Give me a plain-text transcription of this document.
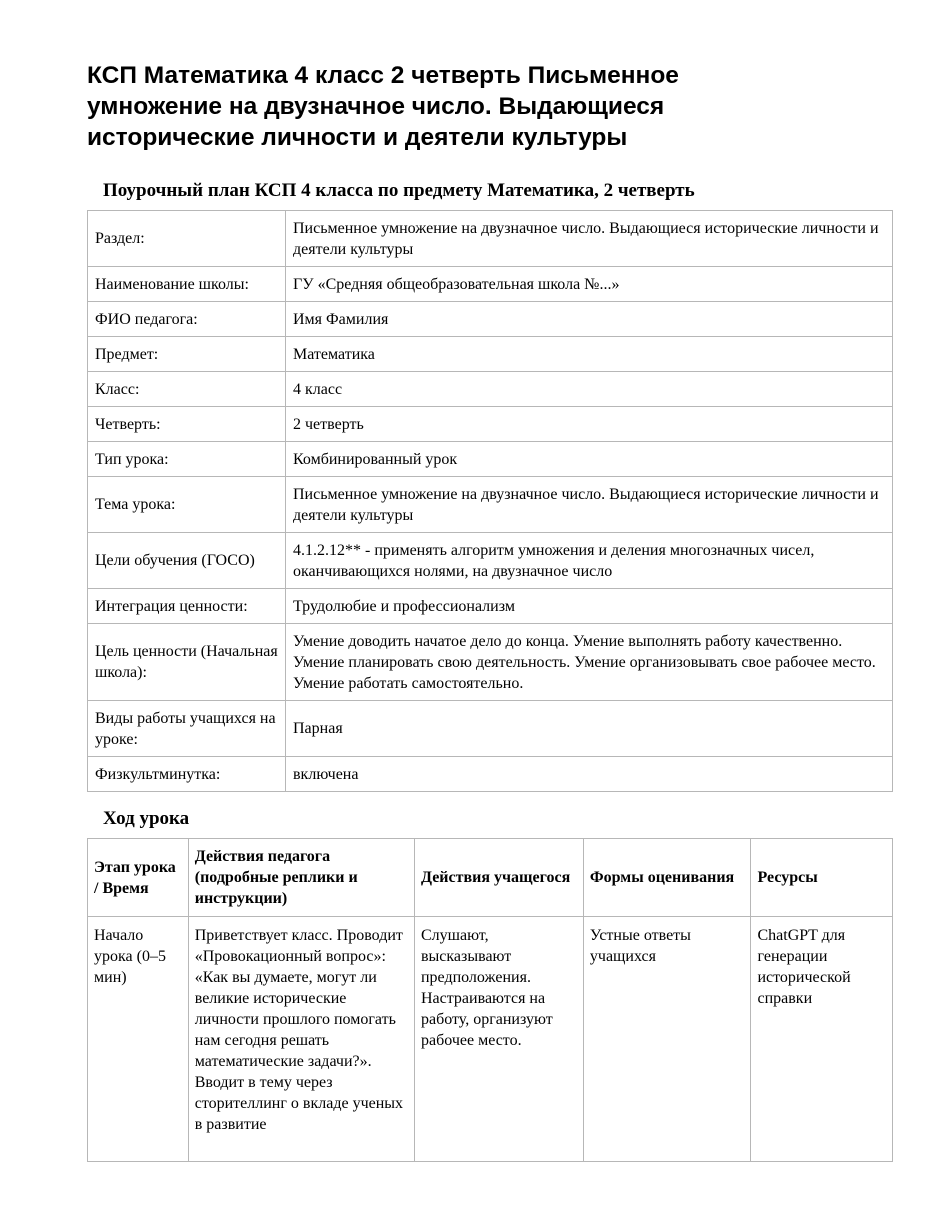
КСП Математика 4 класс 2 четверть Письменное умножение на двузначное число. Выдающиеся исторические личности и деятели культуры
Поурочный план КСП 4 класса по предмету Математика, 2 четверть
Раздел:	Письменное умножение на двузначное число. Выдающиеся исторические личности и деятели культуры
Наименование школы:	ГУ «Средняя общеобразовательная школа №...»
ФИО педагога:	Имя Фамилия
Предмет:	Математика
Класс:	4 класс
Четверть:	2 четверть
Тип урока:	Комбинированный урок
Тема урока:	Письменное умножение на двузначное число. Выдающиеся исторические личности и деятели культуры
Цели обучения (ГОСО)	4.1.2.12** - применять алгоритм умножения и деления многозначных чисел, оканчивающихся нолями, на двузначное число
Интеграция ценности:	Трудолюбие и профессионализм
Цель ценности (Начальная школа):	Умение доводить начатое дело до конца. Умение выполнять работу качественно. Умение планировать свою деятельность. Умение организовывать свое рабочее место. Умение работать самостоятельно.
Виды работы учащихся на уроке:	Парная
Физкультминутка:	включена
Ход урока
Этап урока / Время	Действия педагога (подробные реплики и инструкции)	Действия учащегося	Формы оценивания	Ресурсы
Начало урока (0–5 мин)	Приветствует класс. Проводит «Провокационный вопрос»: «Как вы думаете, могут ли великие исторические личности прошлого помогать нам сегодня решать математические задачи?». Вводит в тему через сторителлинг о вкладе ученых в развитие	Слушают, высказывают предположения. Настраиваются на работу, организуют рабочее место.	Устные ответы учащихся	ChatGPT для генерации исторической справки
